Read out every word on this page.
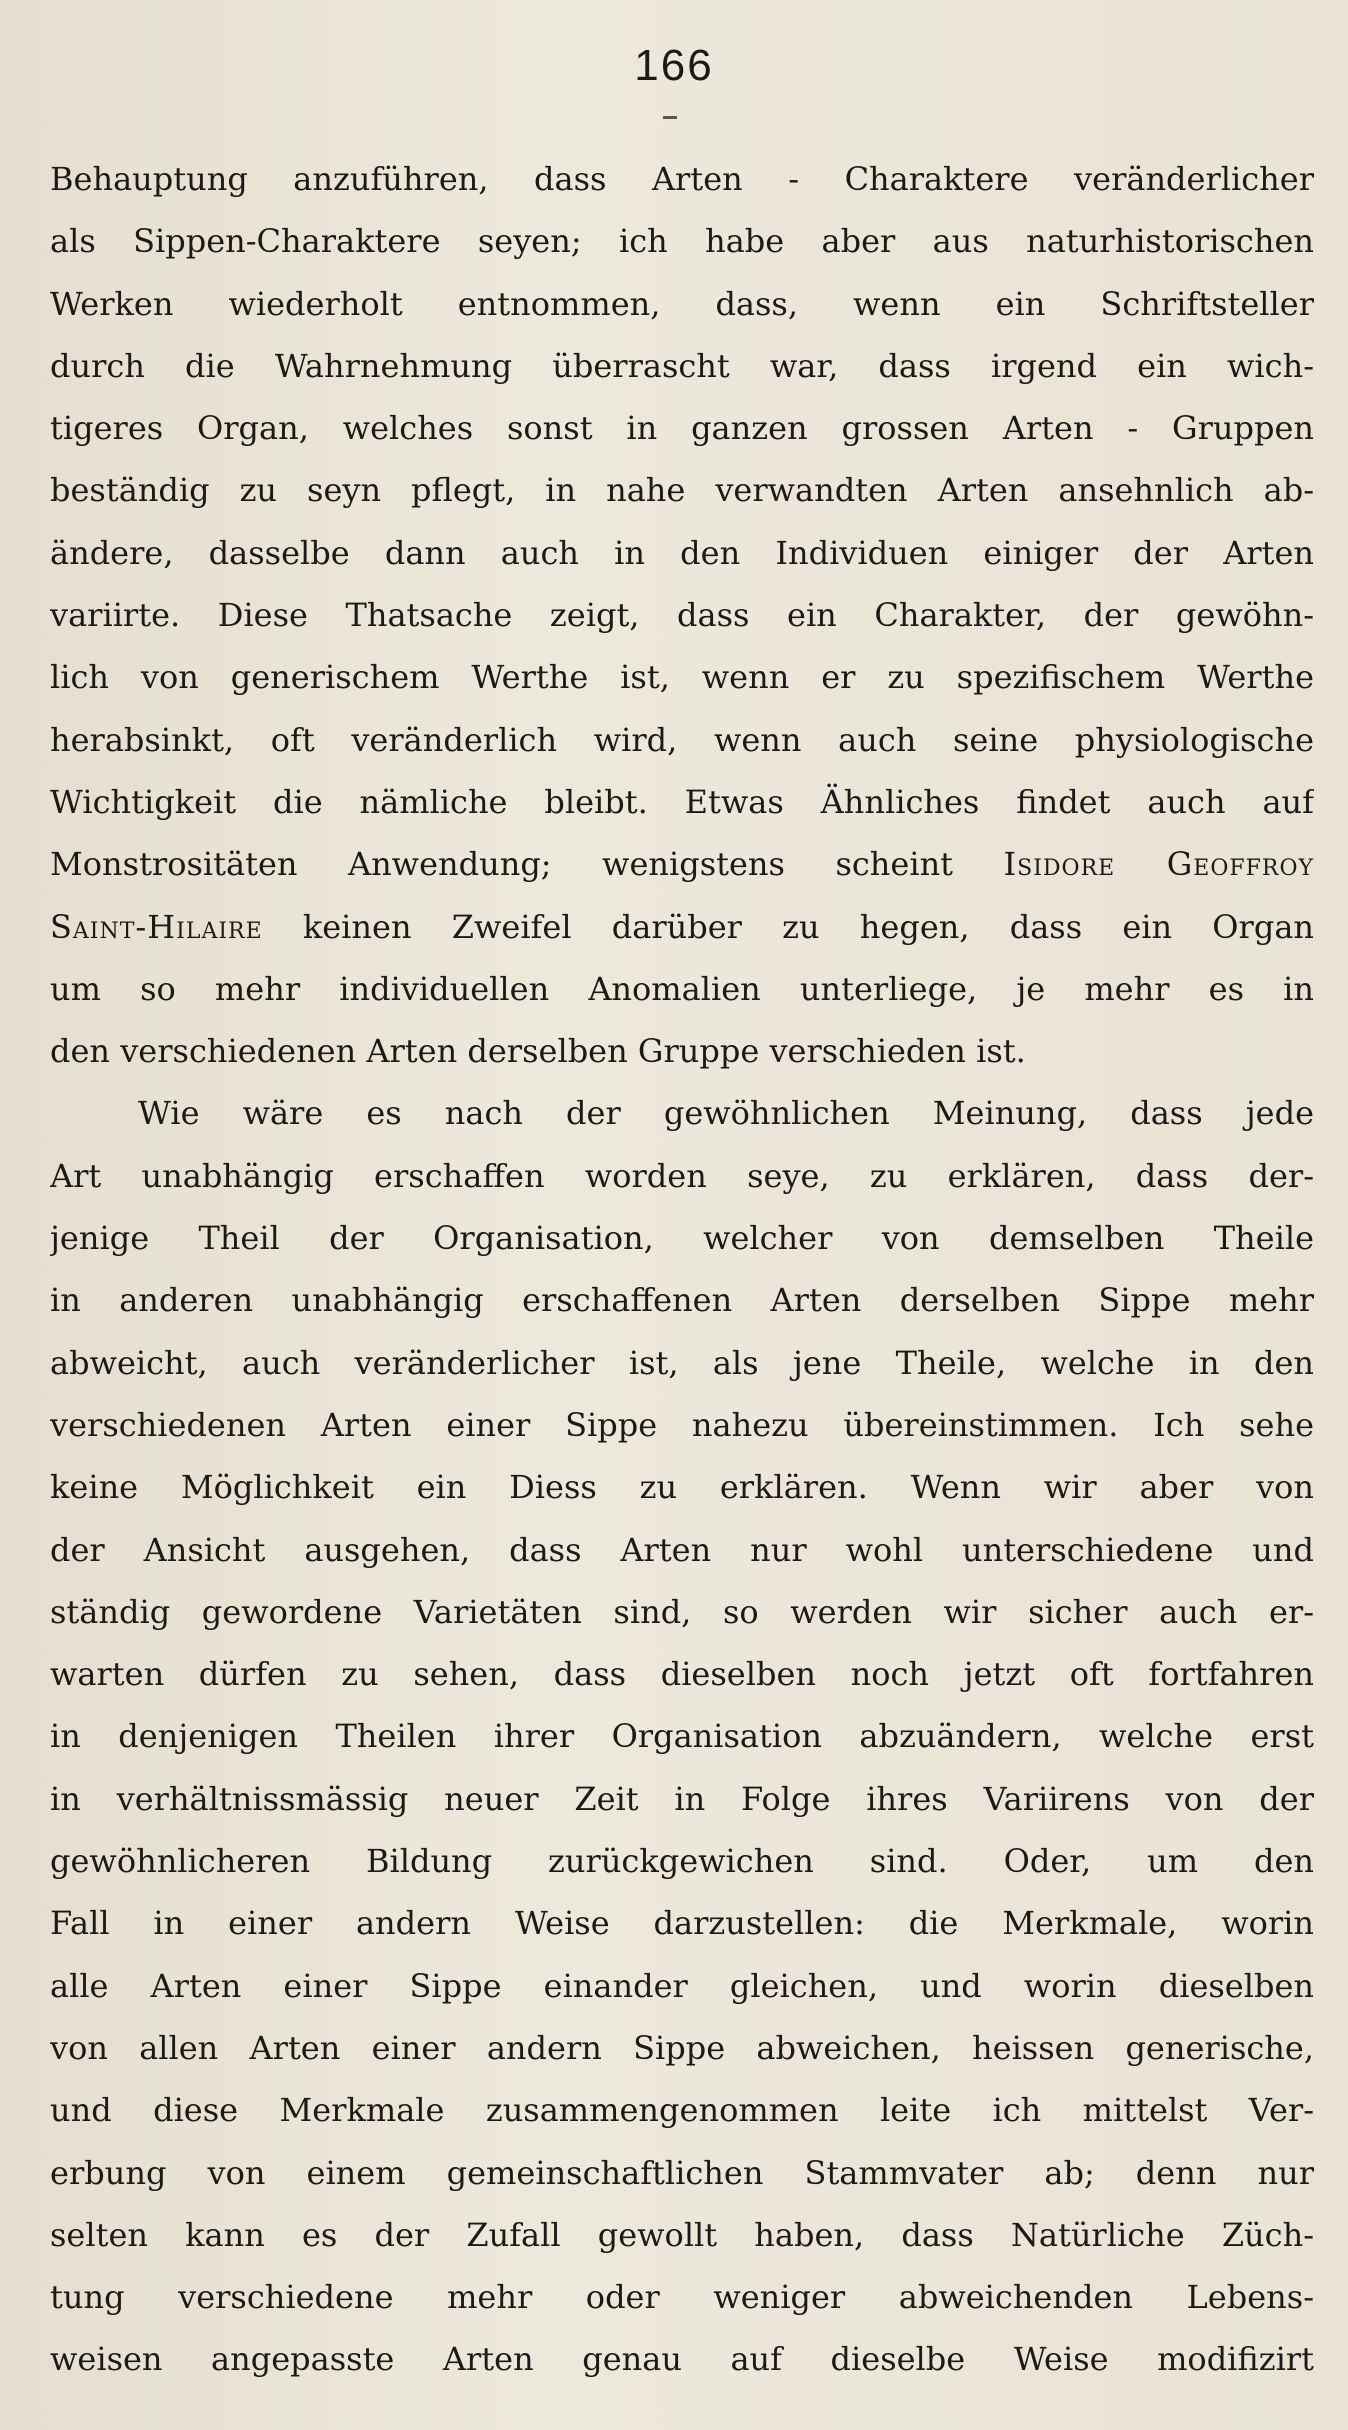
166
Behauptung anzuführen, dass Arten - Charaktere veränderlicher
als Sippen-Charaktere seyen; ich habe aber aus naturhistorischen
Werken wiederholt entnommen, dass, wenn ein Schriftsteller
durch die Wahrnehmung überrascht war, dass irgend ein wich-
tigeres Organ, welches sonst in ganzen grossen Arten - Gruppen
beständig zu seyn pflegt, in nahe verwandten Arten ansehnlich ab-
ändere, dasselbe dann auch in den Individuen einiger der Arten
variirte. Diese Thatsache zeigt, dass ein Charakter, der gewöhn-
lich von generischem Werthe ist, wenn er zu spezifischem Werthe
herabsinkt, oft veränderlich wird, wenn auch seine physiologische
Wichtigkeit die nämliche bleibt. Etwas Ähnliches findet auch auf
Monstrositäten Anwendung; wenigstens scheint Isidore Geoffroy
Saint-Hilaire keinen Zweifel darüber zu hegen, dass ein Organ
um so mehr individuellen Anomalien unterliege, je mehr es in
den verschiedenen Arten derselben Gruppe verschieden ist.
Wie wäre es nach der gewöhnlichen Meinung, dass jede
Art unabhängig erschaffen worden seye, zu erklären, dass der-
jenige Theil der Organisation, welcher von demselben Theile
in anderen unabhängig erschaffenen Arten derselben Sippe mehr
abweicht, auch veränderlicher ist, als jene Theile, welche in den
verschiedenen Arten einer Sippe nahezu übereinstimmen. Ich sehe
keine Möglichkeit ein Diess zu erklären. Wenn wir aber von
der Ansicht ausgehen, dass Arten nur wohl unterschiedene und
ständig gewordene Varietäten sind, so werden wir sicher auch er-
warten dürfen zu sehen, dass dieselben noch jetzt oft fortfahren
in denjenigen Theilen ihrer Organisation abzuändern, welche erst
in verhältnissmässig neuer Zeit in Folge ihres Variirens von der
gewöhnlicheren Bildung zurückgewichen sind. Oder, um den
Fall in einer andern Weise darzustellen: die Merkmale, worin
alle Arten einer Sippe einander gleichen, und worin dieselben
von allen Arten einer andern Sippe abweichen, heissen generische,
und diese Merkmale zusammengenommen leite ich mittelst Ver-
erbung von einem gemeinschaftlichen Stammvater ab; denn nur
selten kann es der Zufall gewollt haben, dass Natürliche Züch-
tung verschiedene mehr oder weniger abweichenden Lebens-
weisen angepasste Arten genau auf dieselbe Weise modifizirt
